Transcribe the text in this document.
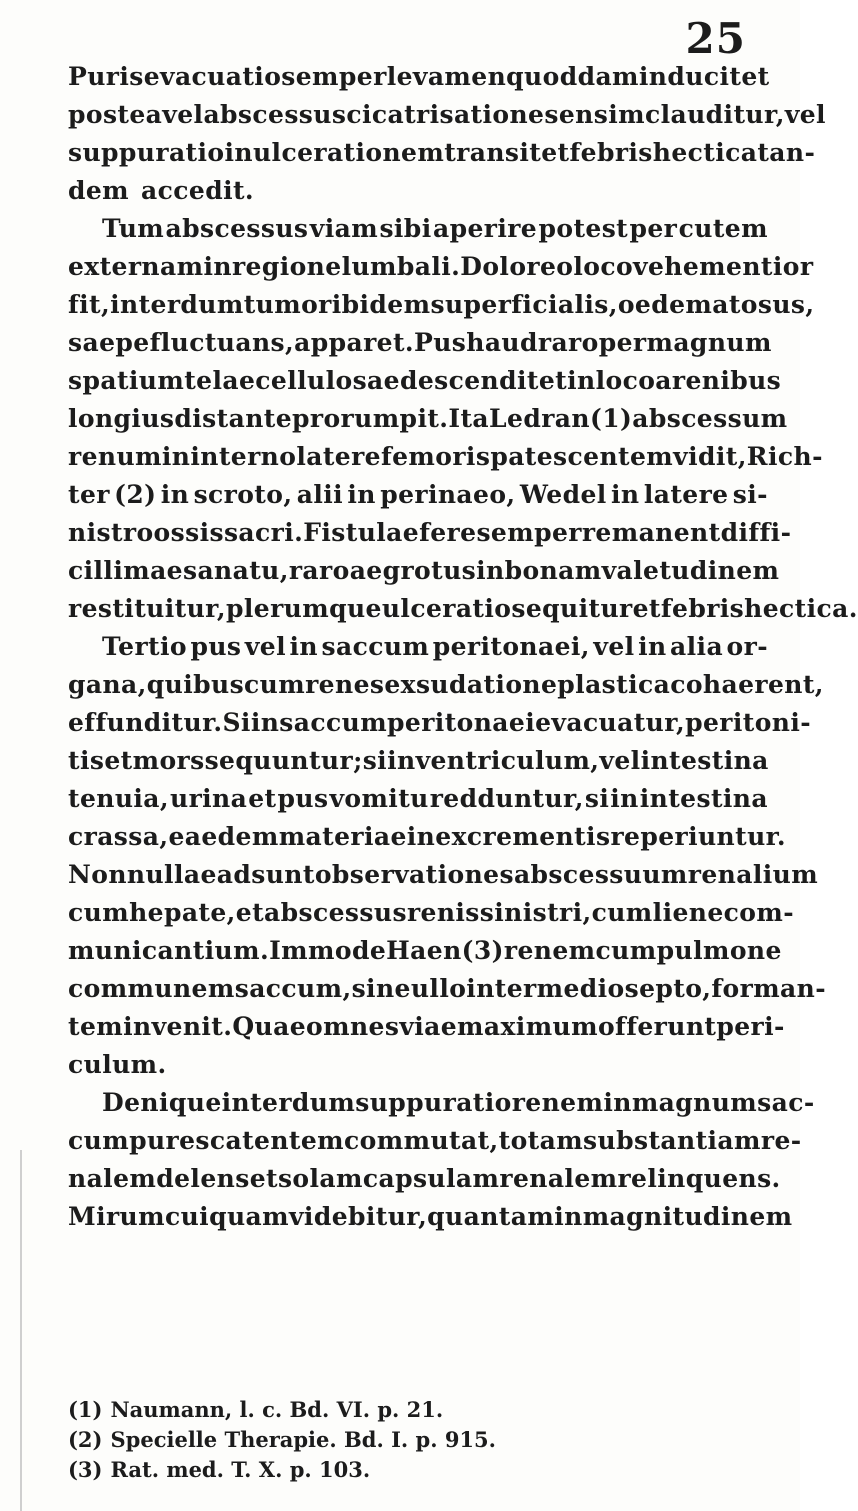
25
Puris evacuatio semper levamen quoddam inducit et
postea vel abscessus cicatrisatione sensim clauditur, vel
suppuratio in ulcerationem transit et febris hectica tan-
dem accedit.
Tum abscessus viam sibi aperire potest per cutem
externam in regione lumbali. Dolor eo loco vehementior
fit, interdum tumor ibidem superficialis, oedematosus,
saepe fluctuans, apparet. Pus haud raro per magnum
spatium telae cellulosae descendit et in loco a renibus
longius distante prorumpit. Ita Ledran (1) abscessum
renum in interno latere femoris patescentem vidit, Rich-
ter (2) in scroto, alii in perinaeo, Wedel in latere si-
nistro ossis sacri. Fistulae fere semper remanent diffi-
cillimae sanatu, raro aegrotus in bonam valetudinem
restituitur, plerumque ulceratio sequitur et febris hectica.
Tertio pus vel in saccum peritonaei, vel in alia or-
gana, quibuscum renes exsudatione plastica cohaerent,
effunditur. Si in saccum peritonaei evacuatur, peritoni-
tis et mors sequuntur; si in ventriculum, vel intestina
tenuia, urina et pus vomitu redduntur, si in intestina
crassa, eaedem materiae in excrementis reperiuntur.
Nonnullae adsunt observationes abscessuum renalium
cum hepate, et abscessus renis sinistri, cum liene com-
municantium. Immo de Haen (3) renem cum pulmone
communem saccum, sine ullo intermedio septo, forman-
tem invenit. Quae omnes viae maximum offerunt peri-
culum.
Denique interdum suppuratio renem in magnum sac-
cum pure scatentem commutat, totam substantiam re-
nalem delens et solam capsulam renalem relinquens.
Mirum cuiquam videbitur, quantam in magnitudinem
(1) Naumann, l. c. Bd. VI. p. 21.
(2) Specielle Therapie. Bd. I. p. 915.
(3) Rat. med. T. X. p. 103.
